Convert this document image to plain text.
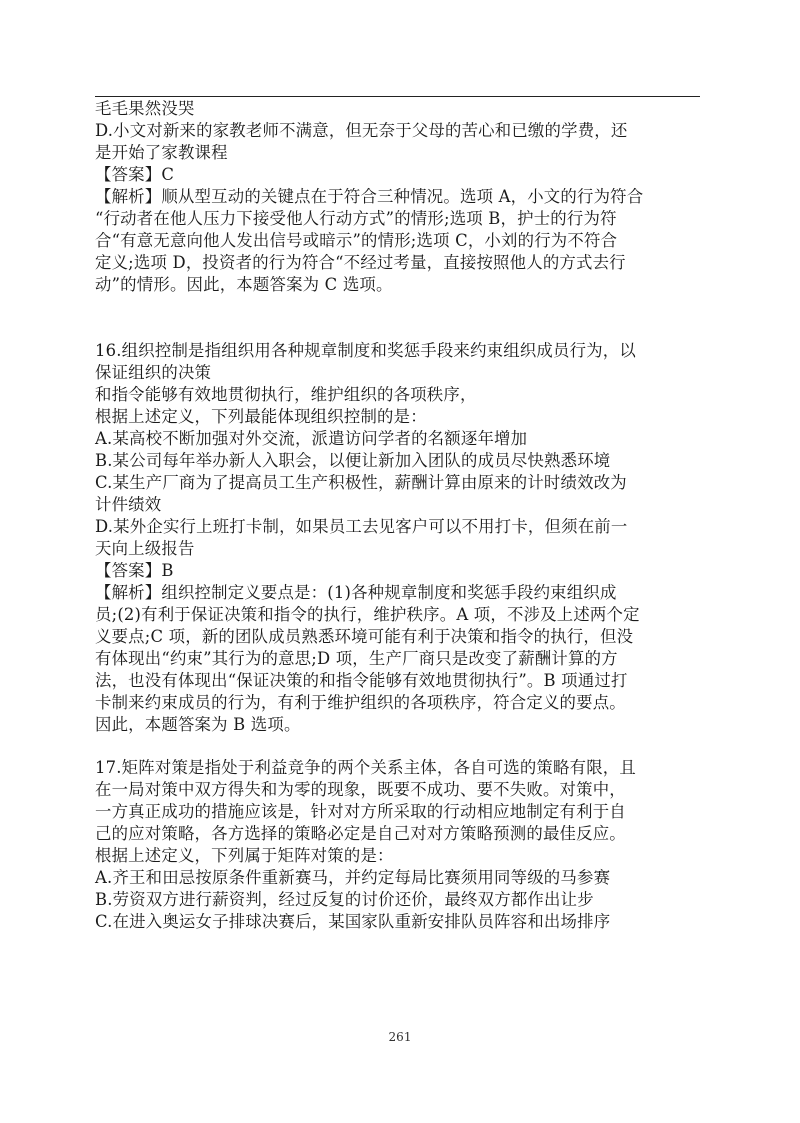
毛毛果然没哭
D.小文对新来的家教老师不满意，但无奈于父母的苦心和已缴的学费，还
是开始了家教课程
【答案】C
【解析】顺从型互动的关键点在于符合三种情况。选项 A，小文的行为符合
“行动者在他人压力下接受他人行动方式”的情形;选项 B，护士的行为符
合“有意无意向他人发出信号或暗示”的情形;选项 C，小刘的行为不符合
定义;选项 D，投资者的行为符合“不经过考量，直接按照他人的方式去行
动”的情形。因此，本题答案为 C 选项。
16.组织控制是指组织用各种规章制度和奖惩手段来约束组织成员行为，以
保证组织的决策
和指令能够有效地贯彻执行，维护组织的各项秩序，
根据上述定义，下列最能体现组织控制的是：
A.某高校不断加强对外交流，派遣访问学者的名额逐年增加
B.某公司每年举办新人入职会，以便让新加入团队的成员尽快熟悉环境
C.某生产厂商为了提高员工生产积极性，薪酬计算由原来的计时绩效改为
计件绩效
D.某外企实行上班打卡制，如果员工去见客户可以不用打卡，但须在前一
天向上级报告
【答案】B
【解析】组织控制定义要点是：(1)各种规章制度和奖惩手段约束组织成
员;(2)有利于保证决策和指令的执行，维护秩序。A 项，不涉及上述两个定
义要点;C 项，新的团队成员熟悉环境可能有利于决策和指令的执行，但没
有体现出“约束”其行为的意思;D 项，生产厂商只是改变了薪酬计算的方
法，也没有体现出“保证决策的和指令能够有效地贯彻执行”。B 项通过打
卡制来约束成员的行为，有利于维护组织的各项秩序，符合定义的要点。
因此，本题答案为 B 选项。
17.矩阵对策是指处于利益竞争的两个关系主体，各自可选的策略有限，且
在一局对策中双方得失和为零的现象，既要不成功、要不失败。对策中，
一方真正成功的措施应该是，针对对方所采取的行动相应地制定有利于自
己的应对策略，各方选择的策略必定是自己对对方策略预测的最佳反应。
根据上述定义，下列属于矩阵对策的是：
A.齐王和田忌按原条件重新赛马，并约定每局比赛须用同等级的马参赛
B.劳资双方进行薪资判，经过反复的讨价还价，最终双方都作出让步
C.在进入奥运女子排球决赛后，某国家队重新安排队员阵容和出场排序
261
